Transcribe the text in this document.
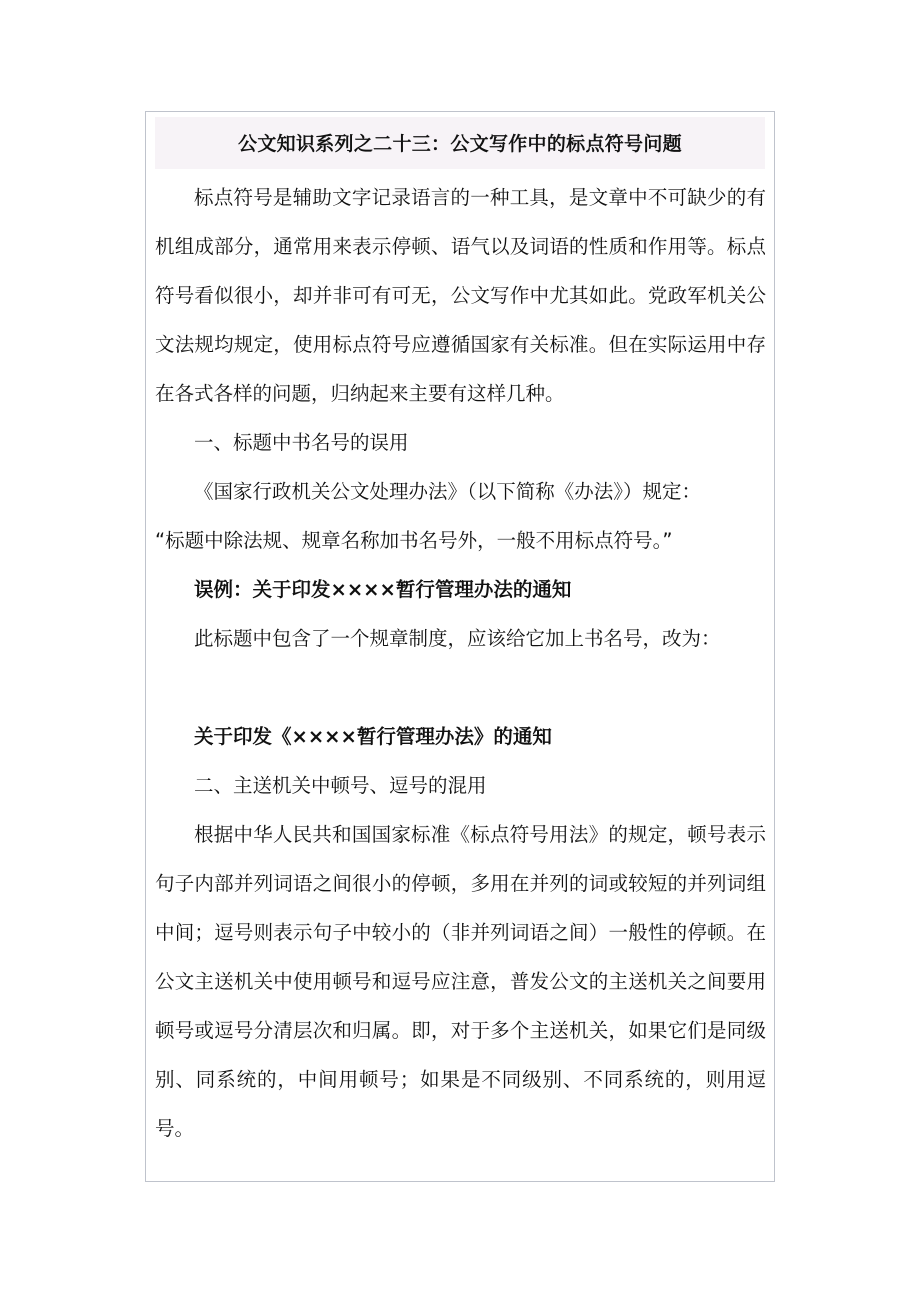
公文知识系列之二十三：公文写作中的标点符号问题

标点符号是辅助文字记录语言的一种工具，是文章中不可缺少的有机组成部分，通常用来表示停顿、语气以及词语的性质和作用等。标点符号看似很小，却并非可有可无，公文写作中尤其如此。党政军机关公文法规均规定，使用标点符号应遵循国家有关标准。但在实际运用中存在各式各样的问题，归纳起来主要有这样几种。

一、标题中书名号的误用

《国家行政机关公文处理办法》（以下简称《办法》）规定：

“标题中除法规、规章名称加书名号外，一般不用标点符号。”

误例：关于印发××××暂行管理办法的通知

此标题中包含了一个规章制度，应该给它加上书名号，改为：

关于印发《××××暂行管理办法》的通知

二、主送机关中顿号、逗号的混用

根据中华人民共和国国家标准《标点符号用法》的规定，顿号表示句子内部并列词语之间很小的停顿，多用在并列的词或较短的并列词组中间；逗号则表示句子中较小的（非并列词语之间）一般性的停顿。在公文主送机关中使用顿号和逗号应注意，普发公文的主送机关之间要用顿号或逗号分清层次和归属。即，对于多个主送机关，如果它们是同级别、同系统的，中间用顿号；如果是不同级别、不同系统的，则用逗号。
